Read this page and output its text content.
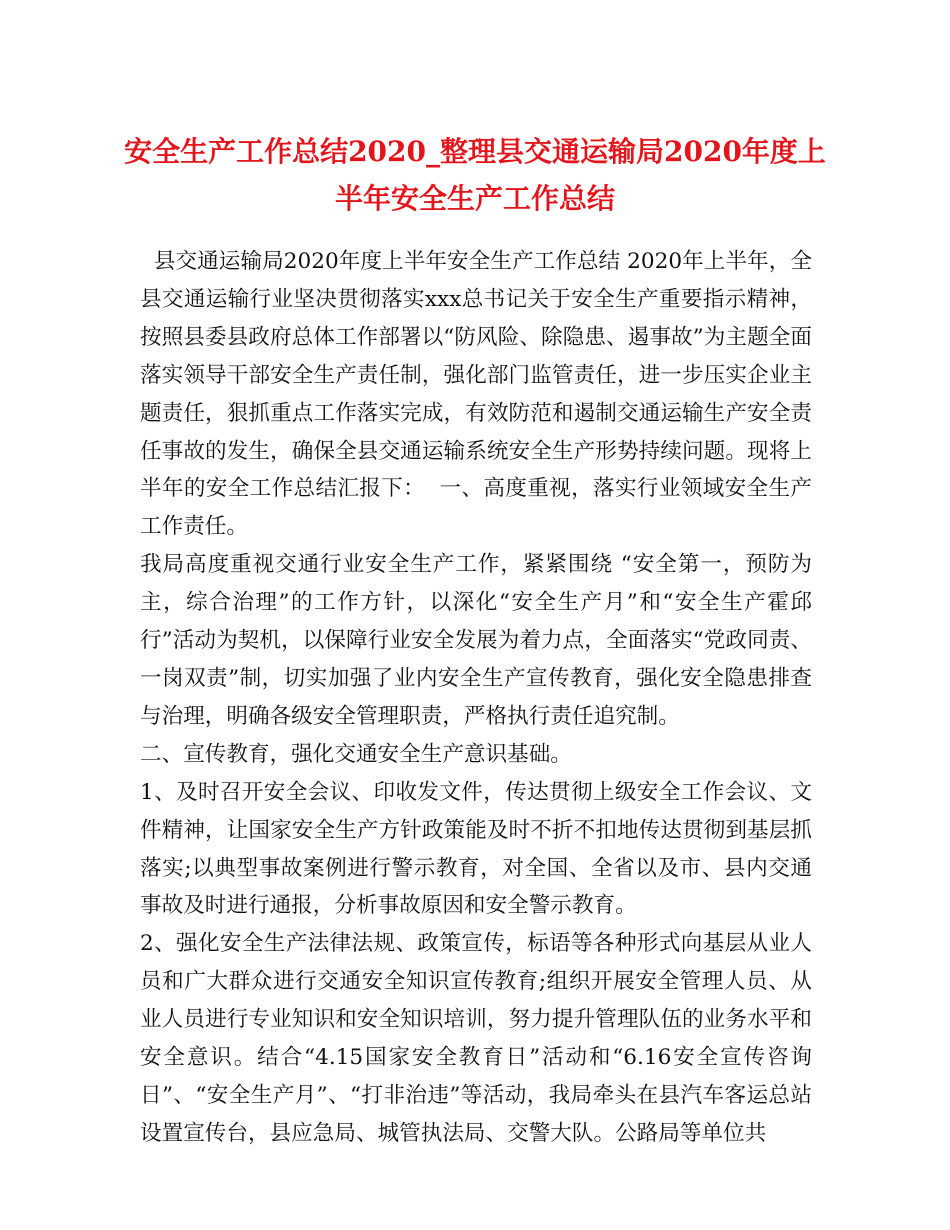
安全生产工作总结2020_整理县交通运输局2020年度上
半年安全生产工作总结

县交通运输局2020年度上半年安全生产工作总结 2020年上半年，全县交通运输行业坚决贯彻落实xxx总书记关于安全生产重要指示精神，按照县委县政府总体工作部署以“防风险、除隐患、遏事故”为主题全面落实领导干部安全生产责任制，强化部门监管责任，进一步压实企业主题责任，狠抓重点工作落实完成，有效防范和遏制交通运输生产安全责任事故的发生，确保全县交通运输系统安全生产形势持续问题。现将上半年的安全工作总结汇报下：  一、高度重视，落实行业领域安全生产工作责任。

我局高度重视交通行业安全生产工作，紧紧围绕 “安全第一，预防为主，综合治理”的工作方针，以深化“安全生产月”和“安全生产霍邱行”活动为契机，以保障行业安全发展为着力点，全面落实“党政同责、一岗双责”制，切实加强了业内安全生产宣传教育，强化安全隐患排查与治理，明确各级安全管理职责，严格执行责任追究制。

二、宣传教育，强化交通安全生产意识基础。

1、及时召开安全会议、印收发文件，传达贯彻上级安全工作会议、文件精神，让国家安全生产方针政策能及时不折不扣地传达贯彻到基层抓落实;以典型事故案例进行警示教育，对全国、全省以及市、县内交通事故及时进行通报，分析事故原因和安全警示教育。

2、强化安全生产法律法规、政策宣传，标语等各种形式向基层从业人员和广大群众进行交通安全知识宣传教育;组织开展安全管理人员、从业人员进行专业知识和安全知识培训，努力提升管理队伍的业务水平和安全意识。结合“4.15国家安全教育日”活动和“6.16安全宣传咨询日”、“安全生产月”、“打非治违”等活动，我局牵头在县汽车客运总站设置宣传台，县应急局、城管执法局、交警大队。公路局等单位共
